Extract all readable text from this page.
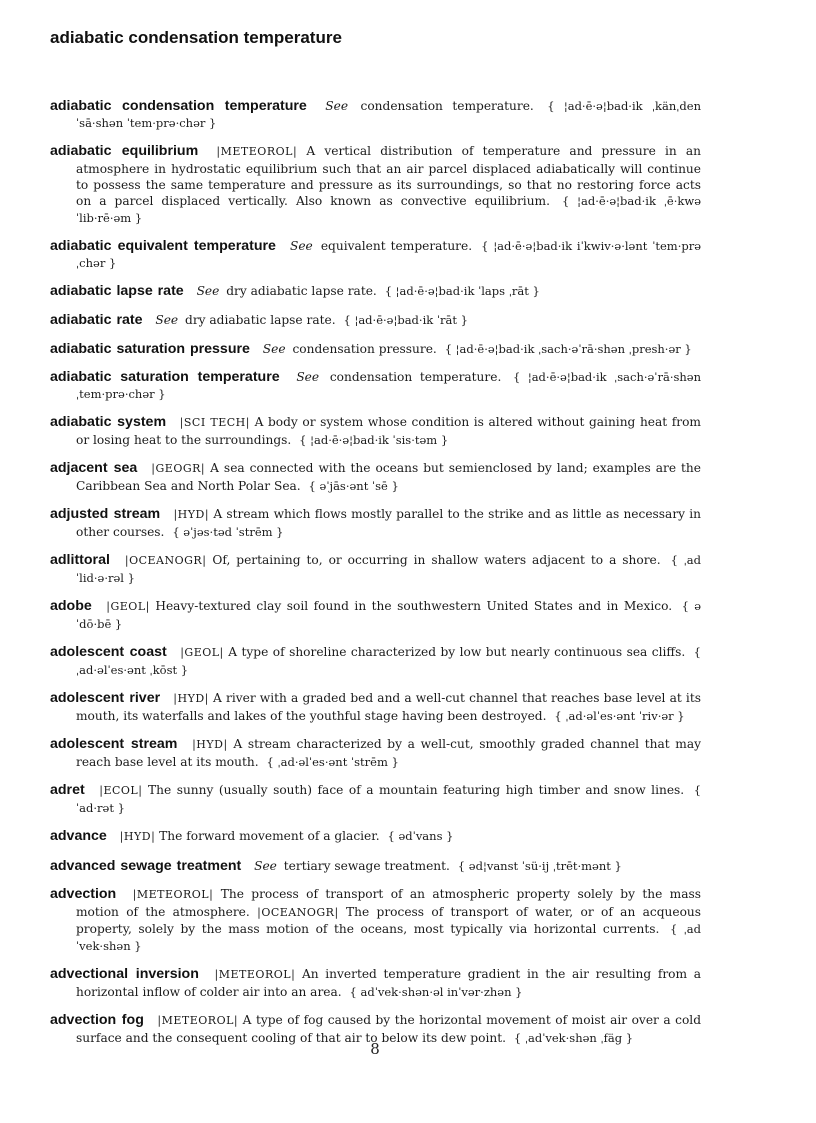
adiabatic condensation temperature

adiabatic condensation temperature See condensation temperature.	{ ¦ad·ē·ə¦bad·ik ˌkänˌdenˈsā·shən ˈtem·prə·chər }

adiabatic equilibrium | METEOROL | A vertical distribution of temperature and pressure in an atmosphere in hydrostatic equilibrium such that an air parcel displaced adiabatically will continue to possess the same temperature and pressure as its surroundings, so that no restoring force acts on a parcel displaced vertically. Also known as convective equilibrium. { ¦ad·ē·ə¦bad·ik ˌē·kwəˈlib·rē·əm }

adiabatic equivalent temperature See equivalent temperature. { ¦ad·ē·ə¦bad·ik iˈkwiv·ə·lənt ˈtem·prəˌchər }

adiabatic lapse rate See dry adiabatic lapse rate. { ¦ad·ē·ə¦bad·ik ˈlaps ˌrāt }

adiabatic rate See dry adiabatic lapse rate. { ¦ad·ē·ə¦bad·ik ˈrāt }

adiabatic saturation pressure See condensation pressure. { ¦ad·ē·ə¦bad·ik ˌsach·əˈrā·shən ˌpresh·ər }

adiabatic saturation temperature See condensation temperature. { ¦ad·ē·ə¦bad·ik ˌsach·əˈrā·shən ˌtem·prə·chər }

adiabatic system | SCI TECH | A body or system whose condition is altered without gaining heat from or losing heat to the surroundings. { ¦ad·ē·ə¦bad·ik ˈsis·təm }

adjacent sea | GEOGR | A sea connected with the oceans but semienclosed by land; examples are the Caribbean Sea and North Polar Sea. { əˈjās·ənt ˈsē }

adjusted stream | HYD | A stream which flows mostly parallel to the strike and as little as necessary in other courses. { əˈjəs·təd ˈstrēm }

adlittoral | OCEANOGR | Of, pertaining to, or occurring in shallow waters adjacent to a shore. { ˌadˈlid·ə·rəl }

adobe | GEOL | Heavy-textured clay soil found in the southwestern United States and in Mexico. { əˈdō·bē }

adolescent coast | GEOL | A type of shoreline characterized by low but nearly continuous sea cliffs. { ˌad·əlˈes·ənt ˌkōst }

adolescent river | HYD | A river with a graded bed and a well-cut channel that reaches base level at its mouth, its waterfalls and lakes of the youthful stage having been destroyed. { ˌad·əlˈes·ənt ˈriv·ər }

adolescent stream | HYD | A stream characterized by a well-cut, smoothly graded channel that may reach base level at its mouth. { ˌad·əlˈes·ənt ˈstrēm }

adret | ECOL | The sunny (usually south) face of a mountain featuring high timber and snow lines. { ˈad·rət }

advance | HYD | The forward movement of a glacier. { ədˈvans }

advanced sewage treatment See tertiary sewage treatment. { əd¦vanst ˈsü·ij ˌtrēt·mənt }

advection | METEOROL | The process of transport of an atmospheric property solely by the mass motion of the atmosphere. | OCEANOGR | The process of transport of water, or of an acqueous property, solely by the mass motion of the oceans, most typically via horizontal currents. { ˌadˈvek·shən }

advectional inversion | METEOROL | An inverted temperature gradient in the air resulting from a horizontal inflow of colder air into an area. { adˈvek·shən·əl inˈvər·zhən }

advection fog | METEOROL | A type of fog caused by the horizontal movement of moist air over a cold surface and the consequent cooling of that air to below its dew point. { ˌadˈvek·shən ˌfäg }

8
